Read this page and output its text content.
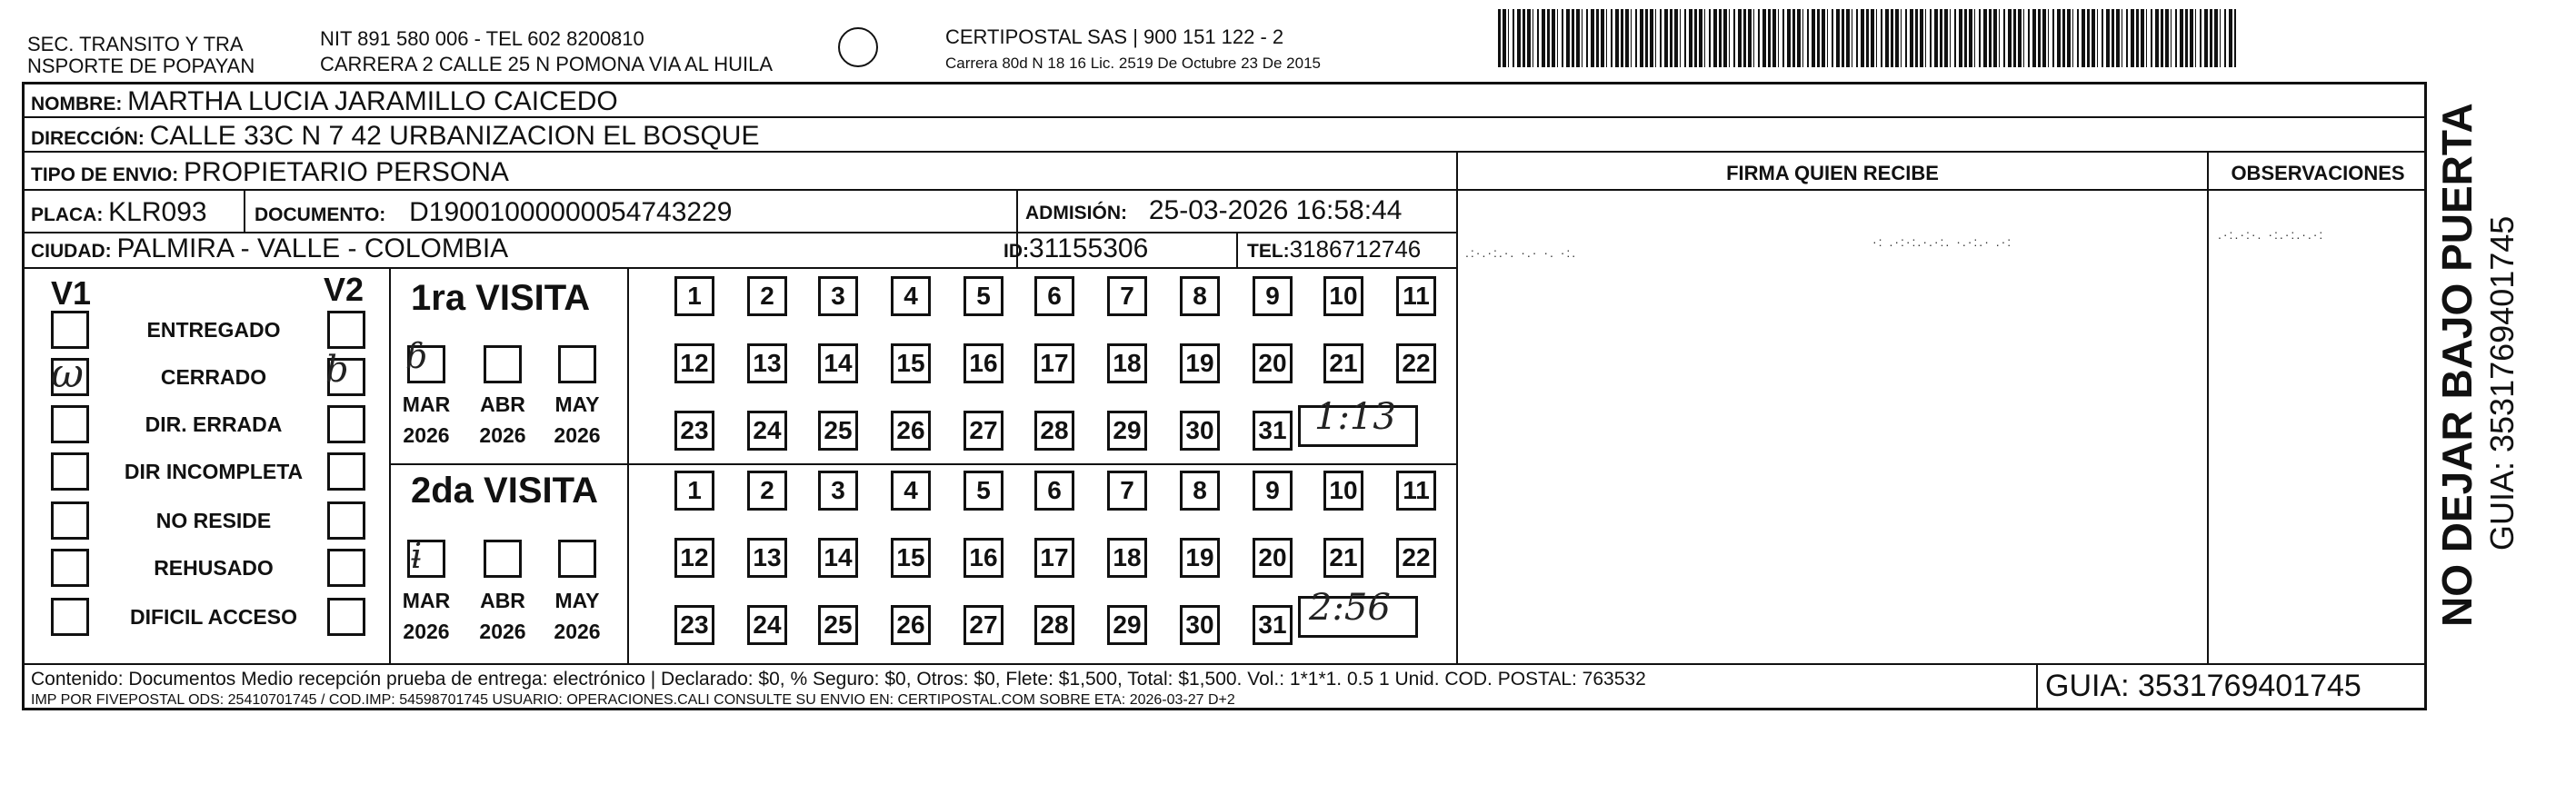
SEC. TRANSITO Y TRA
NSPORTE DE POPAYAN
NIT 891 580 006 - TEL 602 8200810
CARRERA 2 CALLE 25 N POMONA VIA AL HUILA
CERTIPOSTAL SAS | 900 151 122 - 2
Carrera 80d N 18 16 Lic. 2519 De Octubre 23 De 2015
NOMBRE: MARTHA LUCIA JARAMILLO CAICEDO
DIRECCIÓN: CALLE 33C N 7 42 URBANIZACION EL BOSQUE
TIPO DE ENVIO: PROPIETARIO PERSONA
PLACA: KLR093 DOCUMENTO: D19001000000054743229	ADMISIÓN: 25-03-2026 16:58:44
CIUDAD: PALMIRA - VALLE - COLOMBIA	ID:31155306	TEL:3186712746
FIRMA QUIEN RECIBE	OBSERVACIONES
.:·.·:.·. ·.· ·. ·:.
·: .·:·:.·.·:. ·.·:.· .·:	.·:.·:·. ·:.·:.·.·:
V1	V2
ENTREGADO
CERRADO
ω	b
DIR. ERRADA
DIR INCOMPLETA
NO RESIDE
REHUSADO
DIFICIL ACCESO
1ra VISITA
ɓ
MAR	ABR	MAY
2026	2026	2026
1	2	3	4	5	6	7	8	9	10 11
12 13 14 15 16 17 18 19 20 21 22
23 24 25 26 27 28 29 30 31 1:13
2da VISITA
ɨ
MAR	ABR	MAY
2026	2026	2026
1	2	3	4	5	6	7	8	9	10 11
12 13 14 15 16 17 18 19 20 21 22
23 24 25 26 27 28 29 30 31 2:56
Contenido: Documentos Medio recepción prueba de entrega: electrónico | Declarado: $0, % Seguro: $0, Otros: $0, Flete: $1,500, Total: $1,500. Vol.: 1*1*1. 0.5 1 Unid. COD. POSTAL: 763532
IMP POR FIVEPOSTAL ODS: 25410701745 / COD.IMP: 54598701745 USUARIO: OPERACIONES.CALI CONSULTE SU ENVIO EN: CERTIPOSTAL.COM SOBRE ETA: 2026-03-27 D+2	GUIA: 3531769401745
NO DEJAR BAJO PUERTA GUIA: 3531769401745
